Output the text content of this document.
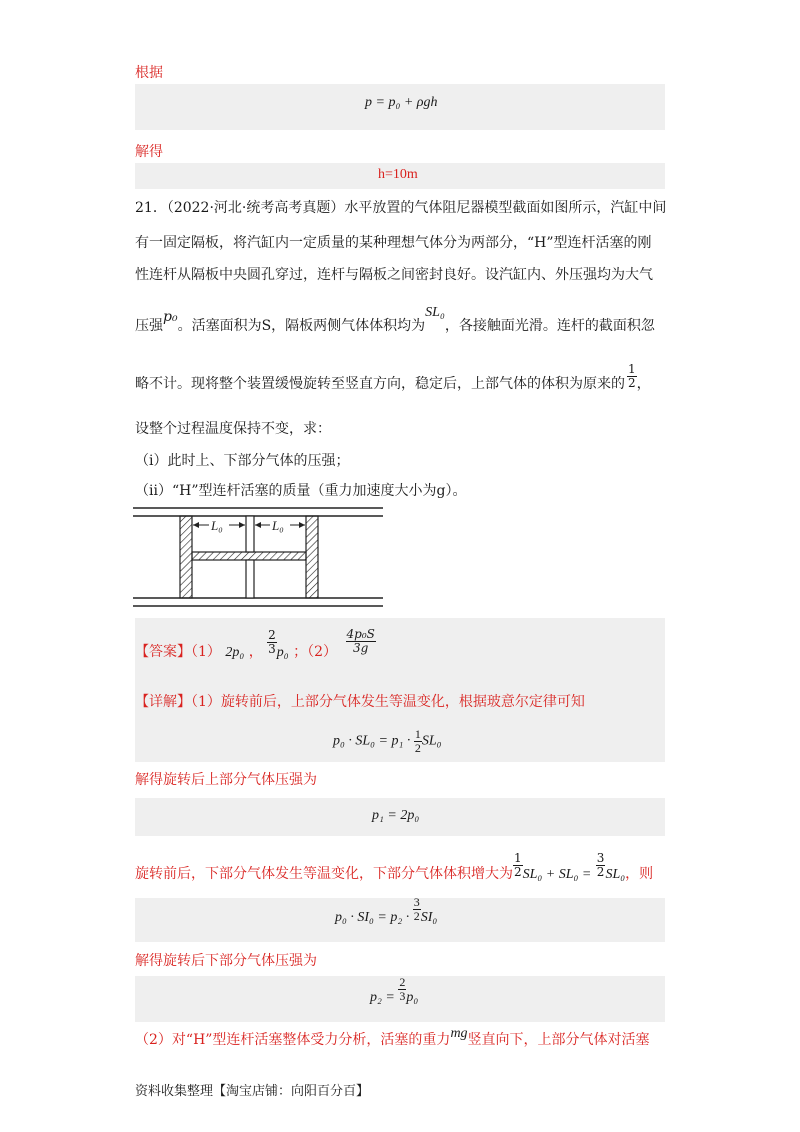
根据
p = p₀ + ρgh
解得
h=10m
21．（2022·河北·统考高考真题）水平放置的气体阻尼器模型截面如图所示，汽缸中间
有一固定隔板，将汽缸内一定质量的某种理想气体分为两部分，“H”型连杆活塞的刚
性连杆从隔板中央圆孔穿过，连杆与隔板之间密封良好。设汽缸内、外压强均为大气
压强p₀。活塞面积为S，隔板两侧气体体积均为SL₀，各接触面光滑。连杆的截面积忽
略不计。现将整个装置缓慢旋转至竖直方向，稳定后，上部气体的体积为原来的 $\frac{1}{2}$ ，
设整个过程温度保持不变，求：
（i）此时上、下部分气体的压强；
（ii）“H”型连杆活塞的质量（重力加速度大小为g）。
L₀	L₀
【答案】（1） 2p₀ ， $\frac{2}{3} p_0$ ；$(2) \frac{\text{4p₀S}}{3g}$
【详解】（1）旋转前后，上部分气体发生等温变化，根据玻意尔定律可知
$p_0 \cdot SL_0 = p_1 \cdot \frac{1}{2} SL_0$
解得旋转后上部分气体压强为
p₁ = 2p₀
旋转前后，下部分气体发生等温变化，下部分气体体积增大为 $\frac{1}{2} SL_0 + SL_0 = \frac{3}{2} SL_0$，则
$p_0 \cdot SI_0 = p_2 \cdot \frac{3}{2} SI_0$
解得旋转后下部分气体压强为
$p_2 = \frac{2}{3} p_0$
（2）对“H”型连杆活塞整体受力分析，活塞的重力mg竖直向下，上部分气体对活塞
资料收集整理【淘宝店铺：向阳百分百】
